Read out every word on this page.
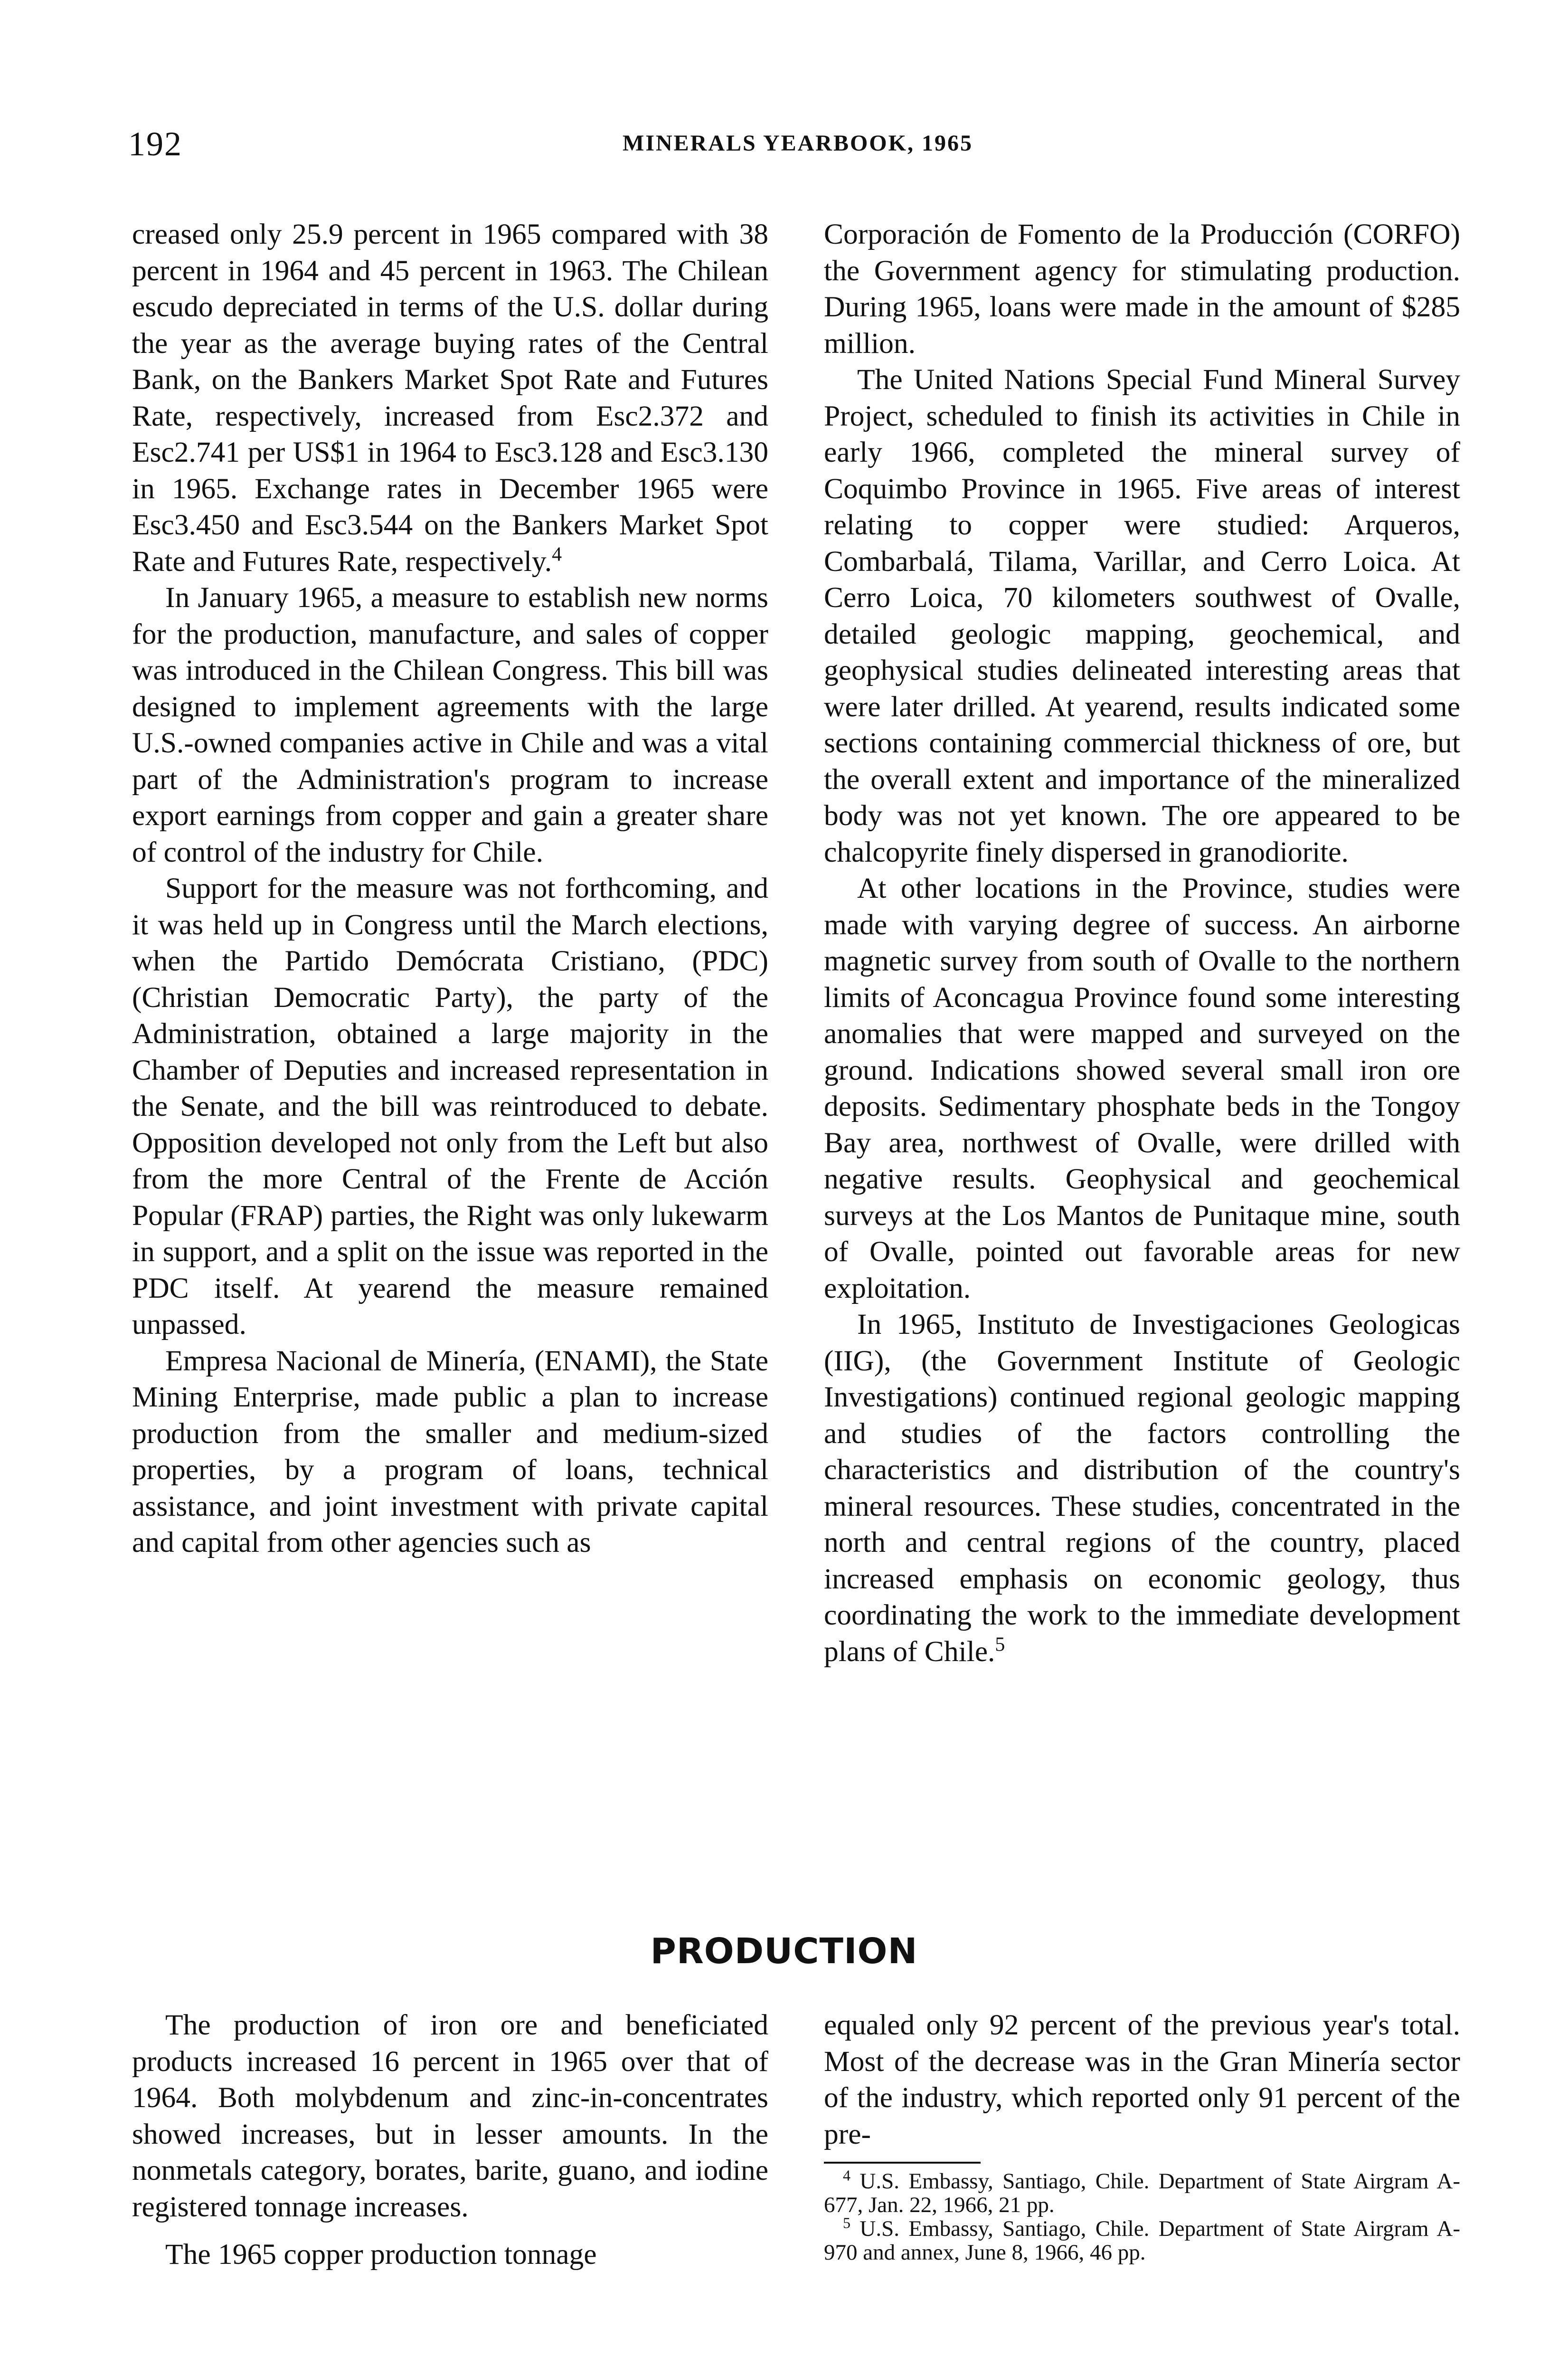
192	MINERALS YEARBOOK, 1965

creased only 25.9 percent in 1965 compared with 38 percent in 1964 and 45 percent in 1963. The Chilean escudo depreciated in terms of the U.S. dollar during the year as the average buying rates of the Central Bank, on the Bankers Market Spot Rate and Futures Rate, respectively, increased from Esc2.372 and Esc2.741 per US$1 in 1964 to Esc3.128 and Esc3.130 in 1965. Exchange rates in December 1965 were Esc3.450 and Esc3.544 on the Bankers Market Spot Rate and Futures Rate, respectively.$^4$

In January 1965, a measure to establish new norms for the production, manufacture, and sales of copper was introduced in the Chilean Congress. This bill was designed to implement agreements with the large U.S.-owned companies active in Chile and was a vital part of the Administration's program to increase export earnings from copper and gain a greater share of control of the industry for Chile.

Support for the measure was not forthcoming, and it was held up in Congress until the March elections, when the Partido Demócrata Cristiano, (PDC) (Christian Democratic Party), the party of the Administration, obtained a large majority in the Chamber of Deputies and increased representation in the Senate, and the bill was reintroduced to debate. Opposition developed not only from the Left but also from the more Central of the Frente de Acción Popular (FRAP) parties, the Right was only lukewarm in support, and a split on the issue was reported in the PDC itself. At yearend the measure remained unpassed.

Empresa Nacional de Minería, (ENAMI), the State Mining Enterprise, made public a plan to increase production from the smaller and medium-sized properties, by a program of loans, technical assistance, and joint investment with private capital and capital from other agencies such as

Corporación de Fomento de la Producción (CORFO) the Government agency for stimulating production. During 1965, loans were made in the amount of $285 million.

The United Nations Special Fund Mineral Survey Project, scheduled to finish its activities in Chile in early 1966, completed the mineral survey of Coquimbo Province in 1965. Five areas of interest relating to copper were studied: Arqueros, Combarbalá, Tilama, Varillar, and Cerro Loica. At Cerro Loica, 70 kilometers southwest of Ovalle, detailed geologic mapping, geochemical, and geophysical studies delineated interesting areas that were later drilled. At yearend, results indicated some sections containing commercial thickness of ore, but the overall extent and importance of the mineralized body was not yet known. The ore appeared to be chalcopyrite finely dispersed in granodiorite.

At other locations in the Province, studies were made with varying degree of success. An airborne magnetic survey from south of Ovalle to the northern limits of Aconcagua Province found some interesting anomalies that were mapped and surveyed on the ground. Indications showed several small iron ore deposits. Sedimentary phosphate beds in the Tongoy Bay area, northwest of Ovalle, were drilled with negative results. Geophysical and geochemical surveys at the Los Mantos de Punitaque mine, south of Ovalle, pointed out favorable areas for new exploitation.

In 1965, Instituto de Investigaciones Geologicas (IIG), (the Government Institute of Geologic Investigations) continued regional geologic mapping and studies of the factors controlling the characteristics and distribution of the country's mineral resources. These studies, concentrated in the north and central regions of the country, placed increased emphasis on economic geology, thus coordinating the work to the immediate development plans of Chile.$^5$

PRODUCTION

The production of iron ore and beneficiated products increased 16 percent in 1965 over that of 1964. Both molybdenum and zinc-in-concentrates showed increases, but in lesser amounts. In the nonmetals category, borates, barite, guano, and iodine registered tonnage increases.

The 1965 copper production tonnage

equaled only 92 percent of the previous year's total. Most of the decrease was in the Gran Minería sector of the industry, which reported only 91 percent of the pre-

$^4$ U.S. Embassy, Santiago, Chile. Department of State Airgram A-677, Jan. 22, 1966, 21 pp.

$^5$ U.S. Embassy, Santiago, Chile. Department of State Airgram A-970 and annex, June 8, 1966, 46 pp.
